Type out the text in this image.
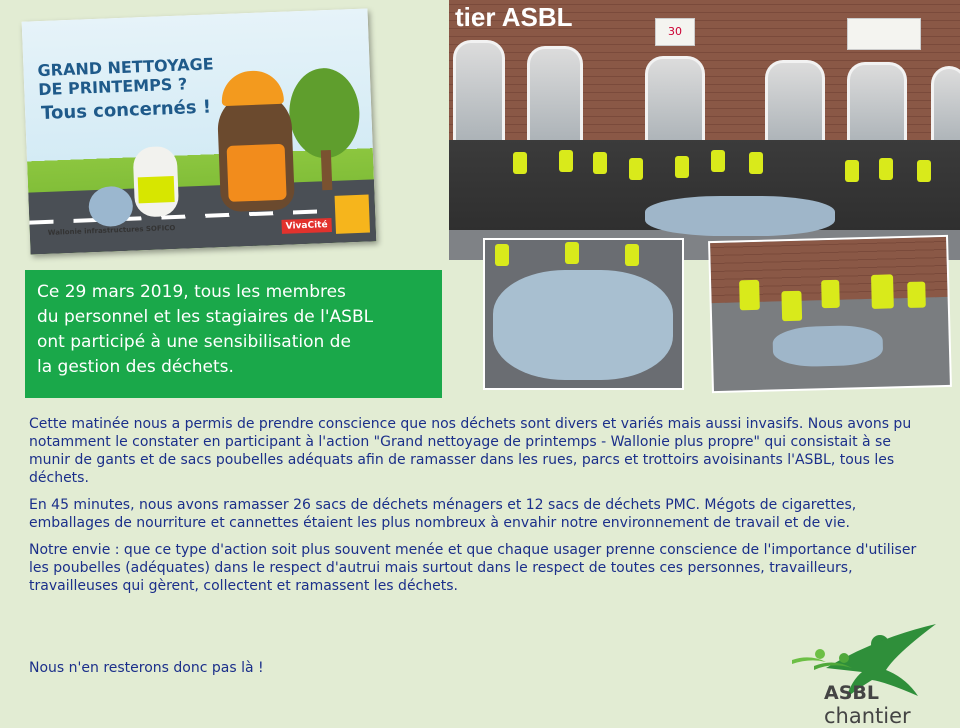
GRAND NETTOYAGE
DE PRINTEMPS ?
Tous concernés !
Wallonie infrastructures SOFICO	VivaCité
tier ASBL	30
Ce 29 mars 2019, tous les membres
du personnel et les stagiaires de l'ASBL
ont participé à une sensibilisation de
la gestion des déchets.

Cette matinée nous a permis de prendre conscience que nos déchets sont divers et variés mais aussi invasifs. Nous avons pu notamment le constater en participant à l'action "Grand nettoyage de printemps - Wallonie plus propre" qui consistait à se munir de gants et de sacs poubelles adéquats afin de ramasser dans les rues, parcs et trottoirs avoisinants l'ASBL, tous les déchets.

En 45 minutes, nous avons ramasser 26 sacs de déchets ménagers et 12 sacs de déchets PMC. Mégots de cigarettes, emballages de nourriture et cannettes étaient les plus nombreux à envahir notre environnement de travail et de vie.

Notre envie : que ce type d'action soit plus souvent menée et que chaque usager prenne conscience de l'importance d'utiliser les poubelles (adéquates) dans le respect d'autrui mais surtout dans le respect de toutes ces personnes, travailleurs, travailleuses qui gèrent, collectent et ramassent les déchets.

Nous n'en resterons donc pas là !
ASBL chantier
